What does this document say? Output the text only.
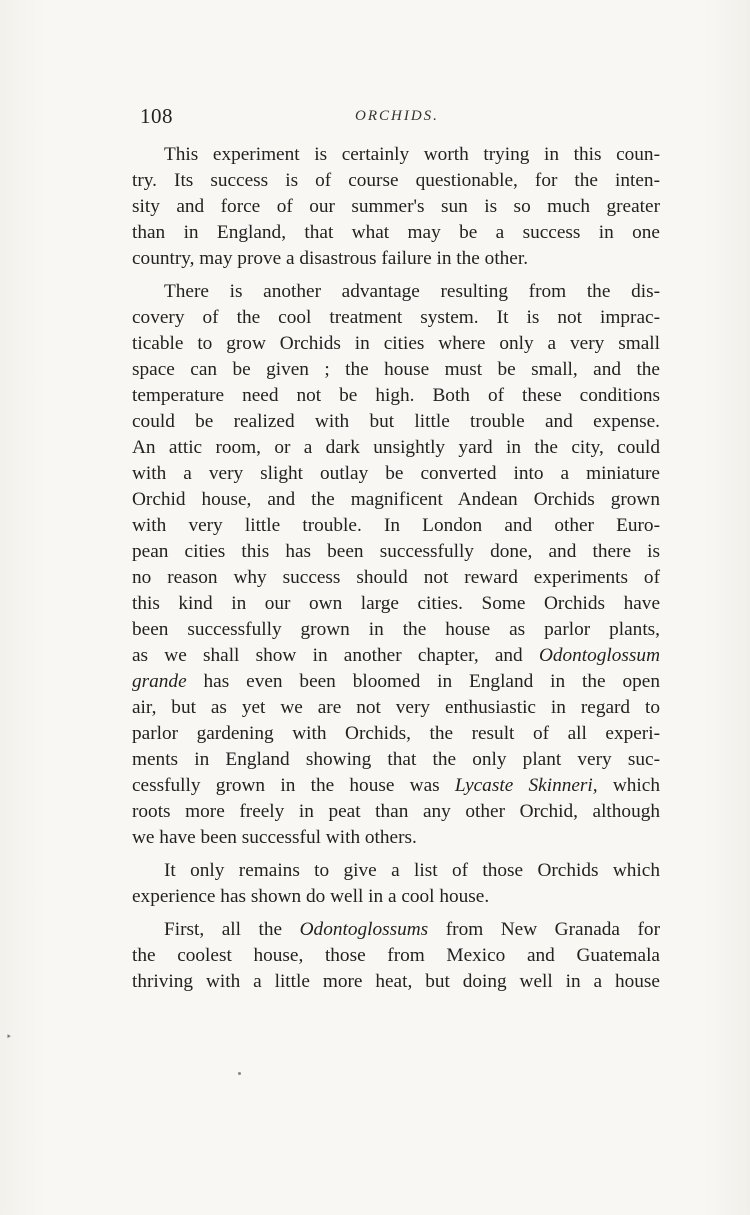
108	ORCHIDS.
This experiment is certainly worth trying in this coun-
try. Its success is of course questionable, for the inten-
sity and force of our summer's sun is so much greater
than in England, that what may be a success in one
country, may prove a disastrous failure in the other.
There is another advantage resulting from the dis-
covery of the cool treatment system. It is not imprac-
ticable to grow Orchids in cities where only a very small
space can be given ; the house must be small, and the
temperature need not be high. Both of these conditions
could be realized with but little trouble and expense.
An attic room, or a dark unsightly yard in the city, could
with a very slight outlay be converted into a miniature
Orchid house, and the magnificent Andean Orchids grown
with very little trouble. In London and other Euro-
pean cities this has been successfully done, and there is
no reason why success should not reward experiments of
this kind in our own large cities. Some Orchids have
been successfully grown in the house as parlor plants,
as we shall show in another chapter, and Odontoglossum
grande has even been bloomed in England in the open
air, but as yet we are not very enthusiastic in regard to
parlor gardening with Orchids, the result of all experi-
ments in England showing that the only plant very suc-
cessfully grown in the house was Lycaste Skinneri, which
roots more freely in peat than any other Orchid, although
we have been successful with others.
It only remains to give a list of those Orchids which
experience has shown do well in a cool house.
First, all the Odontoglossums from New Granada for
the coolest house, those from Mexico and Guatemala
thriving with a little more heat, but doing well in a house
‣
